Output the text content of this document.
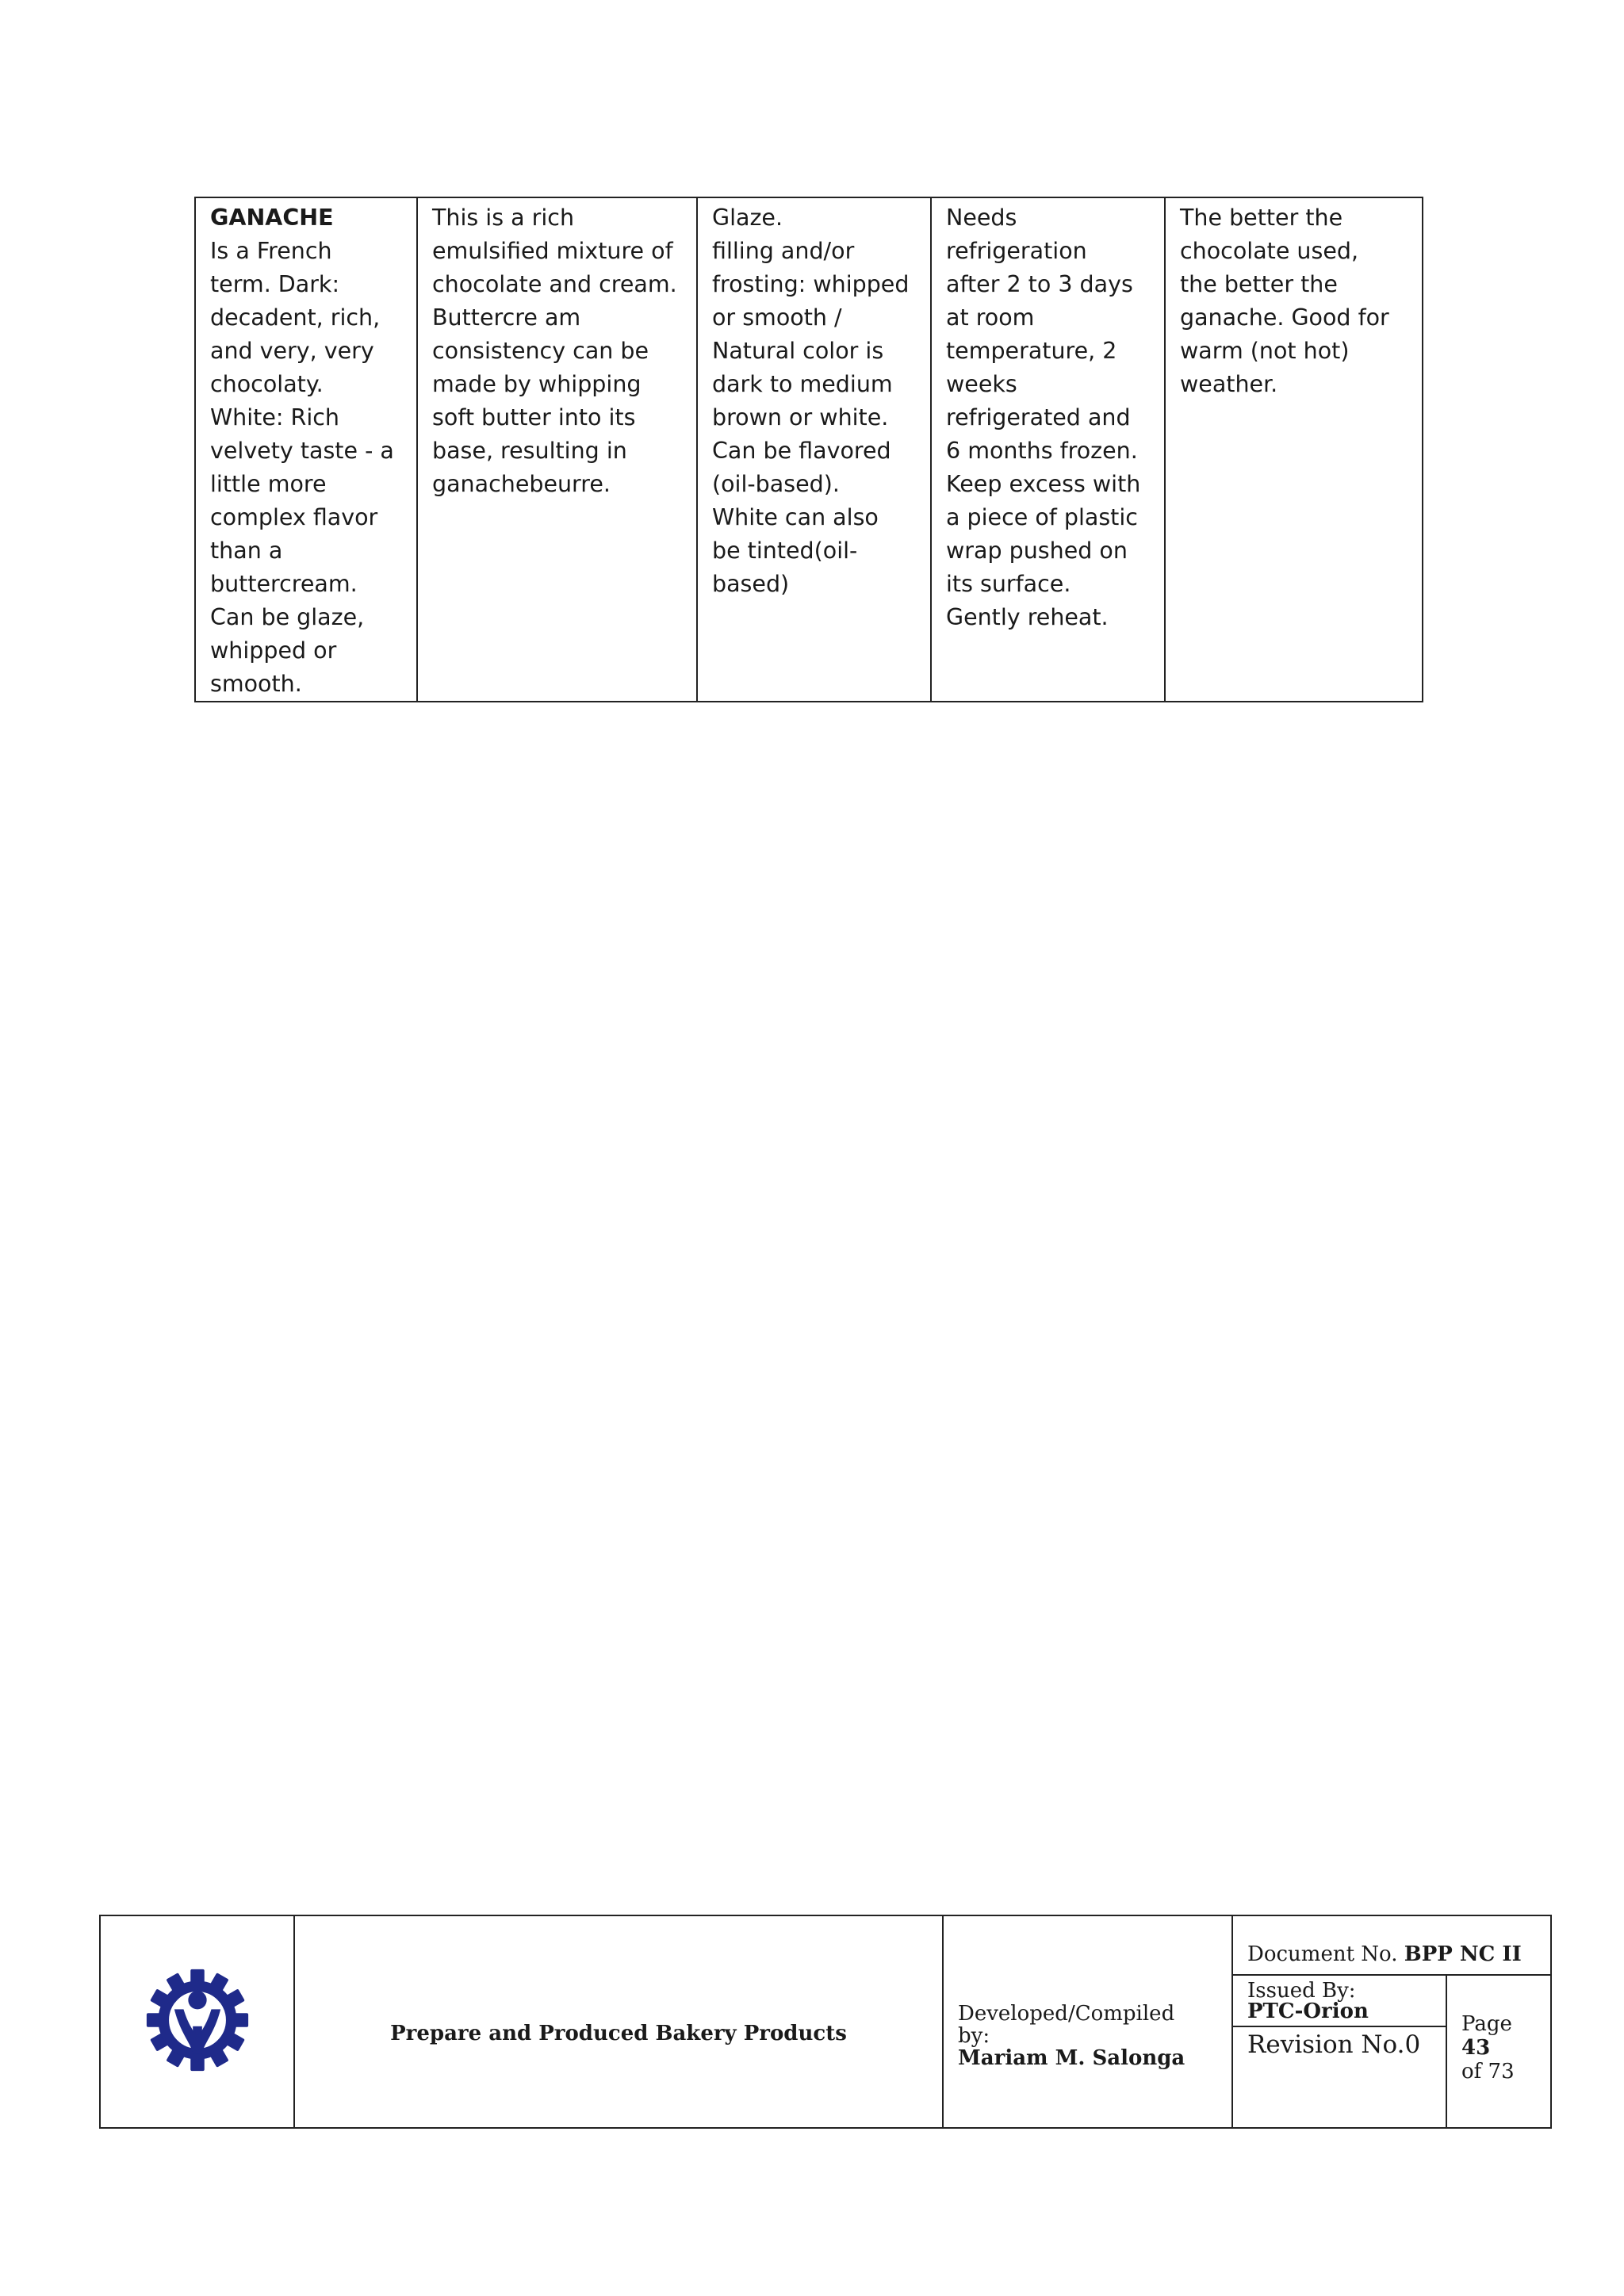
GANACHE
Is a French
term. Dark:
decadent, rich,
and very, very
chocolaty.
White: Rich
velvety taste - a
little more
complex flavor
than a
buttercream.
Can be glaze,
whipped or
smooth.	This is a rich
emulsified mixture of
chocolate and cream.
Buttercre am
consistency can be
made by whipping
soft butter into its
base, resulting in
ganachebeurre.	Glaze.
filling and/or
frosting: whipped
or smooth /
Natural color is
dark to medium
brown or white.
Can be flavored
(oil-based).
White can also
be tinted(oil-
based)	Needs
refrigeration
after 2 to 3 days
at room
temperature, 2
weeks
refrigerated and
6 months frozen.
Keep excess with
a piece of plastic
wrap pushed on
its surface.
Gently reheat.	The better the
chocolate used,
the better the
ganache. Good for
warm (not hot)
weather.
	Prepare and Produced Bakery Products	Developed/Compiled
by:
Mariam M. Salonga	Document No. BPP NC II	
			Issued By:
PTC-Orion	Page
43
of 73

			Revision No.0	
